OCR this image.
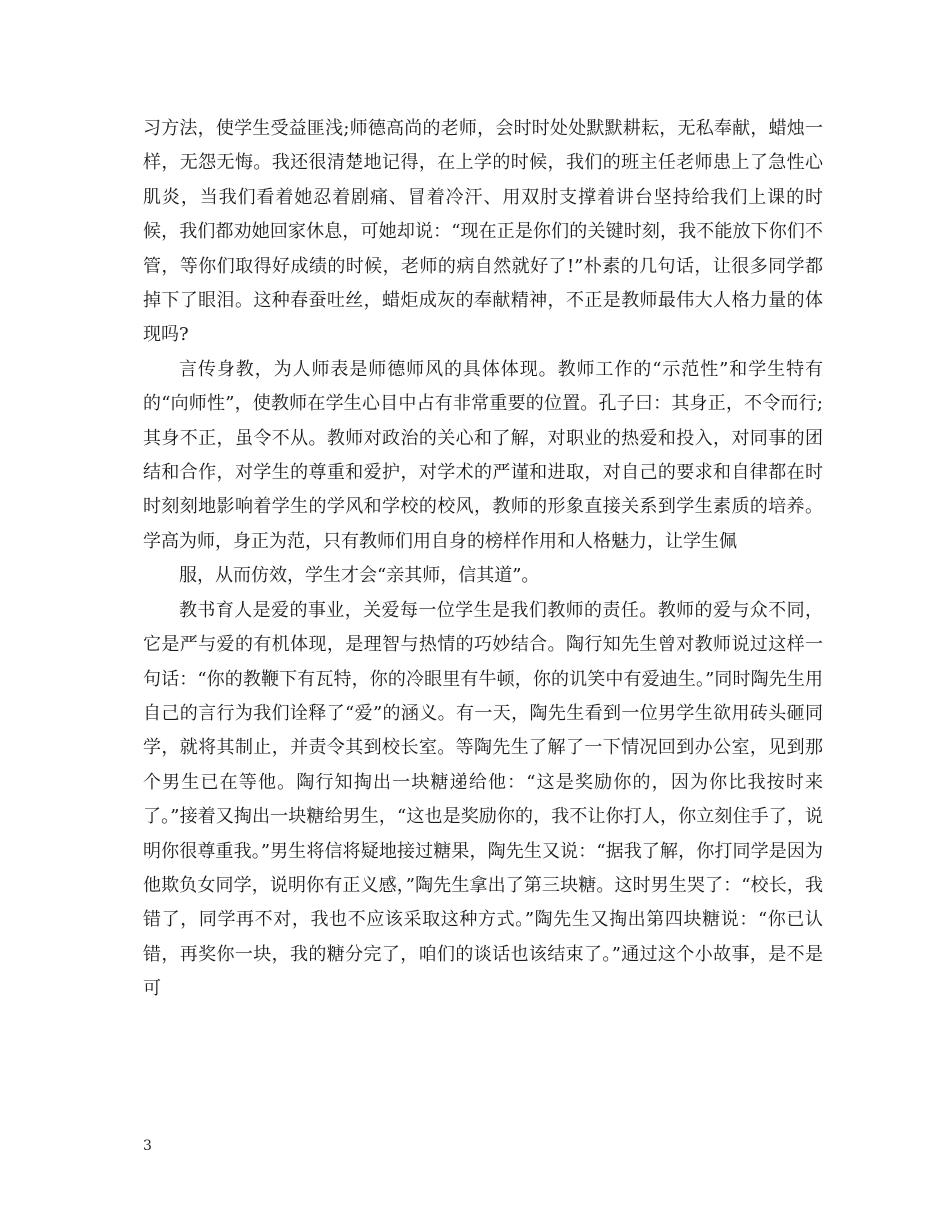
习方法，使学生受益匪浅;师德高尚的老师，会时时处处默默耕耘，无私奉献，蜡烛一样，无怨无悔。我还很清楚地记得，在上学的时候，我们的班主任老师患上了急性心肌炎，当我们看着她忍着剧痛、冒着冷汗、用双肘支撑着讲台坚持给我们上课的时候，我们都劝她回家休息，可她却说：“现在正是你们的关键时刻，我不能放下你们不管，等你们取得好成绩的时候，老师的病自然就好了!”朴素的几句话，让很多同学都掉下了眼泪。这种春蚕吐丝，蜡炬成灰的奉献精神，不正是教师最伟大人格力量的体现吗?

言传身教，为人师表是师德师风的具体体现。教师工作的“示范性”和学生特有的“向师性”，使教师在学生心目中占有非常重要的位置。孔子曰：其身正，不令而行;其身不正，虽令不从。教师对政治的关心和了解，对职业的热爱和投入，对同事的团结和合作，对学生的尊重和爱护，对学术的严谨和进取，对自己的要求和自律都在时时刻刻地影响着学生的学风和学校的校风，教师的形象直接关系到学生素质的培养。学高为师，身正为范，只有教师们用自身的榜样作用和人格魅力，让学生佩

服，从而仿效，学生才会“亲其师，信其道”。

教书育人是爱的事业，关爱每一位学生是我们教师的责任。教师的爱与众不同，它是严与爱的有机体现，是理智与热情的巧妙结合。陶行知先生曾对教师说过这样一句话：“你的教鞭下有瓦特，你的冷眼里有牛顿，你的讥笑中有爱迪生。”同时陶先生用自己的言行为我们诠释了“爱”的涵义。有一天，陶先生看到一位男学生欲用砖头砸同学，就将其制止，并责令其到校长室。等陶先生了解了一下情况回到办公室，见到那个男生已在等他。陶行知掏出一块糖递给他：“这是奖励你的，因为你比我按时来了。”接着又掏出一块糖给男生，“这也是奖励你的，我不让你打人，你立刻住手了，说明你很尊重我。”男生将信将疑地接过糖果，陶先生又说：“据我了解，你打同学是因为他欺负女同学，说明你有正义感，”陶先生拿出了第三块糖。这时男生哭了：“校长，我错了，同学再不对，我也不应该采取这种方式。”陶先生又掏出第四块糖说：“你已认错，再奖你一块，我的糖分完了，咱们的谈话也该结束了。”通过这个小故事，是不是可

3
